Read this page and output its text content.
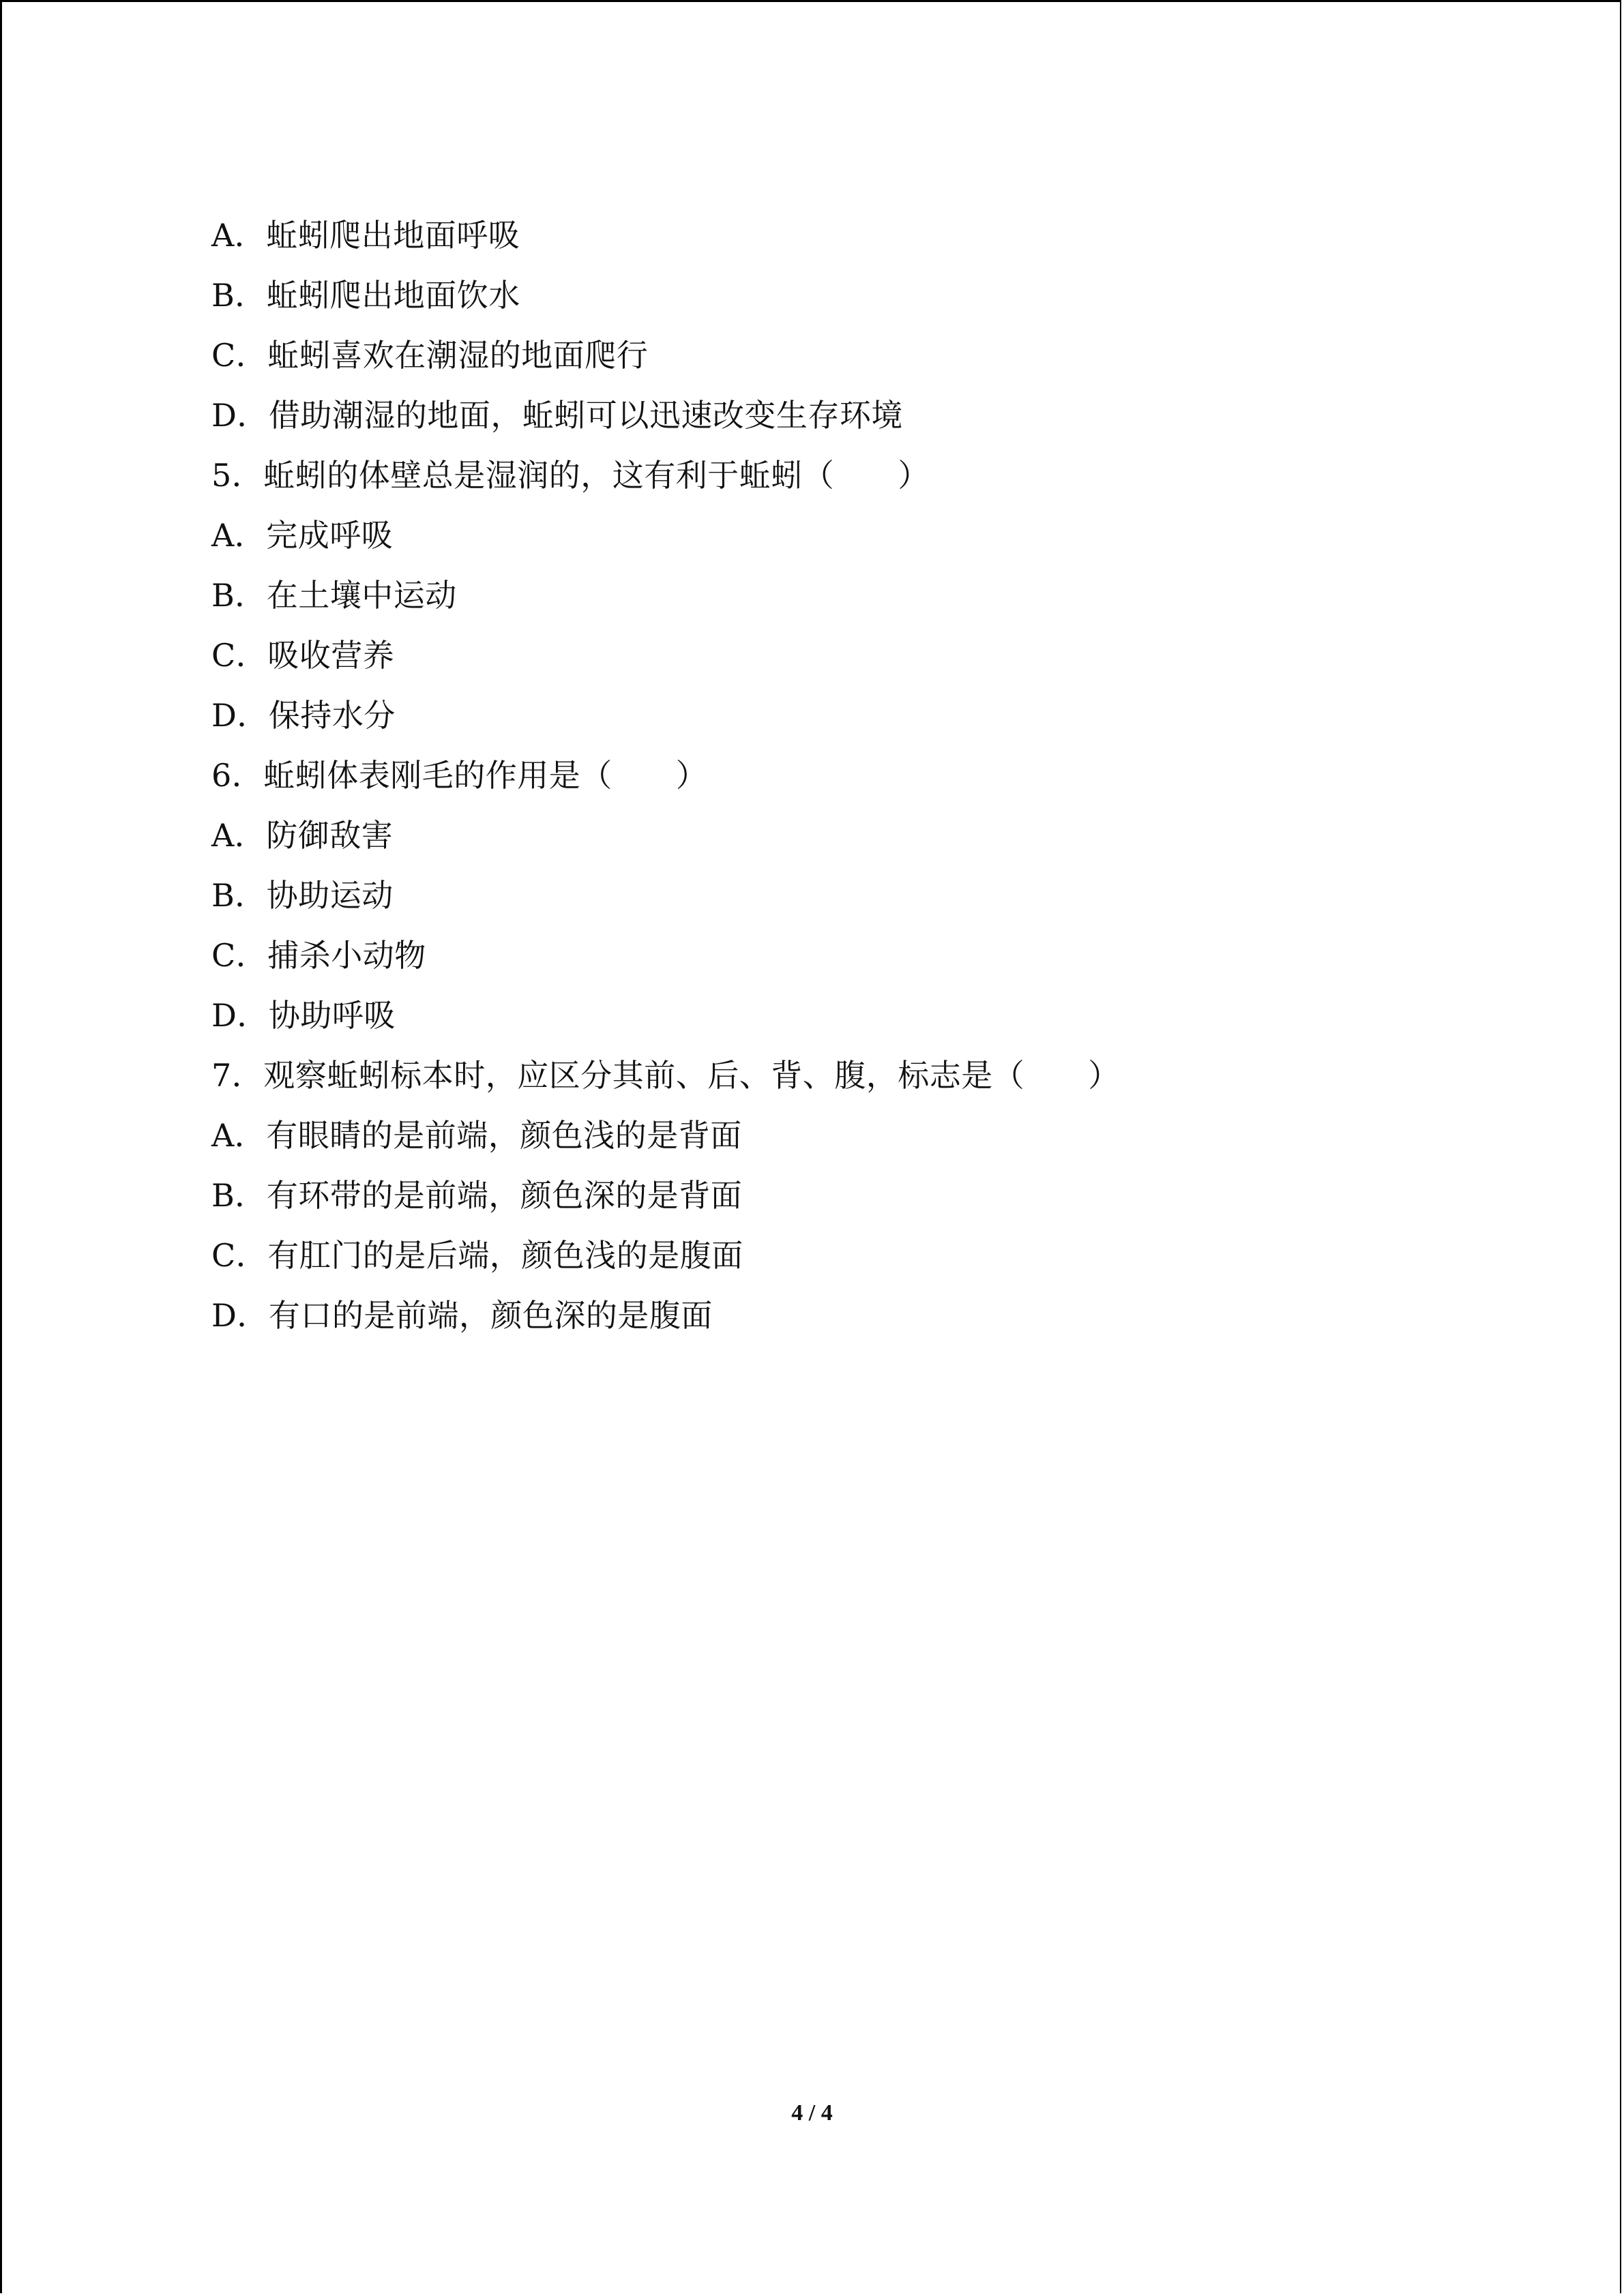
A．蚯蚓爬出地面呼吸
B．蚯蚓爬出地面饮水
C．蚯蚓喜欢在潮湿的地面爬行
D．借助潮湿的地面，蚯蚓可以迅速改变生存环境
5．蚯蚓的体壁总是湿润的，这有利于蚯蚓（　　）
A．完成呼吸
B．在土壤中运动
C．吸收营养
D．保持水分
6．蚯蚓体表刚毛的作用是（　　）
A．防御敌害
B．协助运动
C．捕杀小动物
D．协助呼吸
7．观察蚯蚓标本时，应区分其前、后、背、腹，标志是（　　）
A．有眼睛的是前端，颜色浅的是背面
B．有环带的是前端，颜色深的是背面
C．有肛门的是后端，颜色浅的是腹面
D．有口的是前端，颜色深的是腹面
4 / 4
